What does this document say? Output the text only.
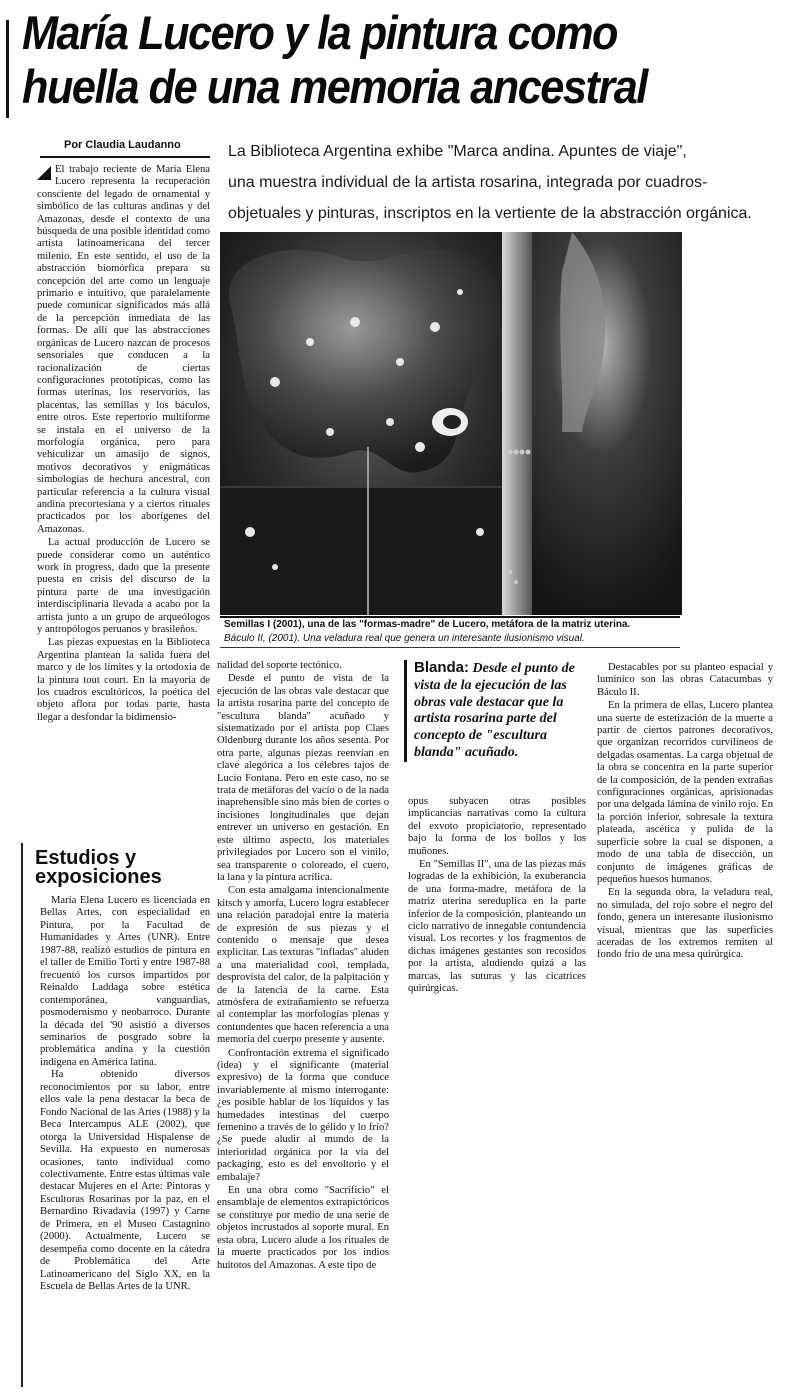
María Lucero y la pintura como
huella de una memoria ancestral
Por Claudia Laudanno	La Biblioteca Argentina exhibe "Marca andina. Apuntes de viaje",
una muestra individual de la artista rosarina, integrada por cuadros-
objetuales y pinturas, inscriptos en la vertiente de la abstracción orgánica.

El trabajo reciente de María Elena Lucero representa la recuperación consciente del legado de ornamental y simbólico de las culturas andinas y del Amazonas, desde el contexto de una búsqueda de una posible identidad como artista latinoamericana del tercer milenio. En este sentido, el uso de la abstracción biomórfica prepara su concepción del arte como un lenguaje primario e intuitivo, que paralelamente puede comunicar significados más allá de la percepción inmediata de las formas. De allí que las abstracciones orgánicas de Lucero nazcan de procesos sensoriales que conducen a la racionalización de ciertas configuraciones prototípicas, como las formas uterinas, los reservorios, las placentas, las semillas y los báculos, entre otros. Este repertorio multiforme se instala en el universo de la morfología orgánica, pero para vehiculizar un amasijo de signos, motivos decorativos y enigmáticas simbologías de hechura ancestral, con particular referencia a la cultura visual andina precortesiana y a ciertos rituales practicados por los aborígenes del Amazonas.

La actual producción de Lucero se puede considerar como un auténtico work in progress, dado que la presente puesta en crisis del discurso de la pintura parte de una investigación interdisciplinaria llevada a acabo por la artista junto a un grupo de arqueólogos y antropólogos peruanos y brasileños.

Las piezas expuestas en la Biblioteca Argentina plantean la salida fuera del marco y de los límites y la ortodoxia de la pintura tout court. En la mayoría de los cuadros escultóricos, la poética del objeto aflora por todas parte, hasta llegar a desfondar la bidimensio-

Estudios y exposiciones

María Elena Lucero es licenciada en Bellas Artes, con especialidad en Pintura, por la Facultad de Humanidades y Artes (UNR). Entre 1987-88, realizó estudios de pintura en el taller de Emilio Torti y entre 1987-88 frecuentó los cursos impartidos por Reinaldo Laddaga sobre estética contemporánea, vanguardias, posmodernismo y neobarroco. Durante la década del '90 asistió a diversos seminarios de posgrado sobre la problemática andina y la cuestión indígena en América latina.

Ha obtenido diversos reconocimientos por su labor, entre ellos vale la pena destacar la beca de Fondo Nacional de las Artes (1988) y la Beca Intercampus ALE (2002), que otorga la Universidad Hispalense de Sevilla. Ha expuesto en numerosas ocasiones, tanto individual como colectivamente. Entre estas últimas vale destacar Mujeres en el Arte: Pintoras y Escultoras Rosarinas por la paz, en el Bernardino Rivadavia (1997) y Carne de Primera, en el Museo Castagnino (2000). Actualmente, Lucero se desempeña como docente en la cátedra de Problemática del Arte Latinoamericano del Siglo XX, en la Escuela de Bellas Artes de la UNR.

Semillas I (2001), una de las "formas-madre" de Lucero, metáfora de la matriz uterina.
Báculo II, (2001). Una veladura real que genera un interesante ilusionismo visual.

nalidad del soporte tectónico.

Desde el punto de vista de la ejecución de las obras vale destacar que la artista rosarina parte del concepto de "escultura blanda" acuñado y sistematizado por el artista pop Claes Oldenburg durante los años sesenta. Por otra parte, algunas piezas reenvían en clave alegórica a los célebres tajos de Lucio Fontana. Pero en este caso, no se trata de metáforas del vacío o de la nada inaprehensible sino más bien de cortes o incisiones longitudinales que dejan entrever un universo en gestación. En este último aspecto, los materiales privilegiados por Lucero son el vinilo, sea transparente o coloreado, el cuero, la lana y la pintura acrílica.

Con esta amalgama intencionalmente kitsch y amorfa, Lucero logra establecer una relación paradojal entre la materia de expresión de sus piezas y el contenido o mensaje que desea explicitar. Las texturas "infladas" aluden a una materialidad cool, templada, desprovista del calor, de la palpitación y de la latencia de la carne. Esta atmósfera de extrañamiento se refuerza al contemplar las morfologías plenas y contundentes que hacen referencia a una memoria del cuerpo presente y ausente.

Confrontación extrema el significado (idea) y el significante (material expresivo) de la forma que conduce invariablemente al mismo interrogante: ¿es posible hablar de los líquidos y las humedades intestinas del cuerpo femenino a través de lo gélido y lo frío? ¿Se puede aludir al mundo de la interioridad orgánica por la vía del packaging, esto es del envoltorio y el embalaje?

En una obra como "Sacrificio" el ensamblaje de elementos extrapictóricos se constituye por medio de una serie de objetos incrustados al soporte mural. En esta obra, Lucero alude a los rituales de la muerte practicados por los indios huitotos del Amazonas. A este tipo de

Blanda: Desde el punto de vista de la ejecución de las obras vale destacar que la artista rosarina parte del concepto de "escultura blanda" acuñado.

opus subyacen otras posibles implicancias narrativas como la cultura del exvoto propiciatorio, representado bajo la forma de los bollos y los muñones.

En "Semillas II", una de las piezas más logradas de la exhibición, la exuberancia de una forma-madre, metáfora de la matriz uterina sereduplica en la parte inferior de la composición, planteando un ciclo narrativo de innegable contundencia visual. Los recortes y los fragmentos de dichas imágenes gestantes son recosidos por la artista, aludiendo quizá a las marcas, las suturas y las cicatrices quirúrgicas.

Destacables por su planteo espacial y lumínico son las obras Catacumbas y Báculo II.

En la primera de ellas, Lucero plantea una suerte de estetización de la muerte a partir de ciertos patrones decorativos, que organizan recorridos curvilíneos de delgadas osamentas. La carga objetual de la obra se concentra en la parte superior de la composición, de la penden extrañas configuraciones orgánicas, aprisionadas por una delgada lámina de vinilo rojo. En la porción inferior, sobresale la textura plateada, ascética y pulida de la superficie sobre la cual se disponen, a modo de una tabla de disección, un conjunto de imágenes gráficas de pequeños huesos humanos.

En la segunda obra, la veladura real, no simulada, del rojo sobre el negro del fondo, genera un interesante ilusionismo visual, mientras que las superficies aceradas de los extremos remiten al fondo frío de una mesa quirúrgica.
